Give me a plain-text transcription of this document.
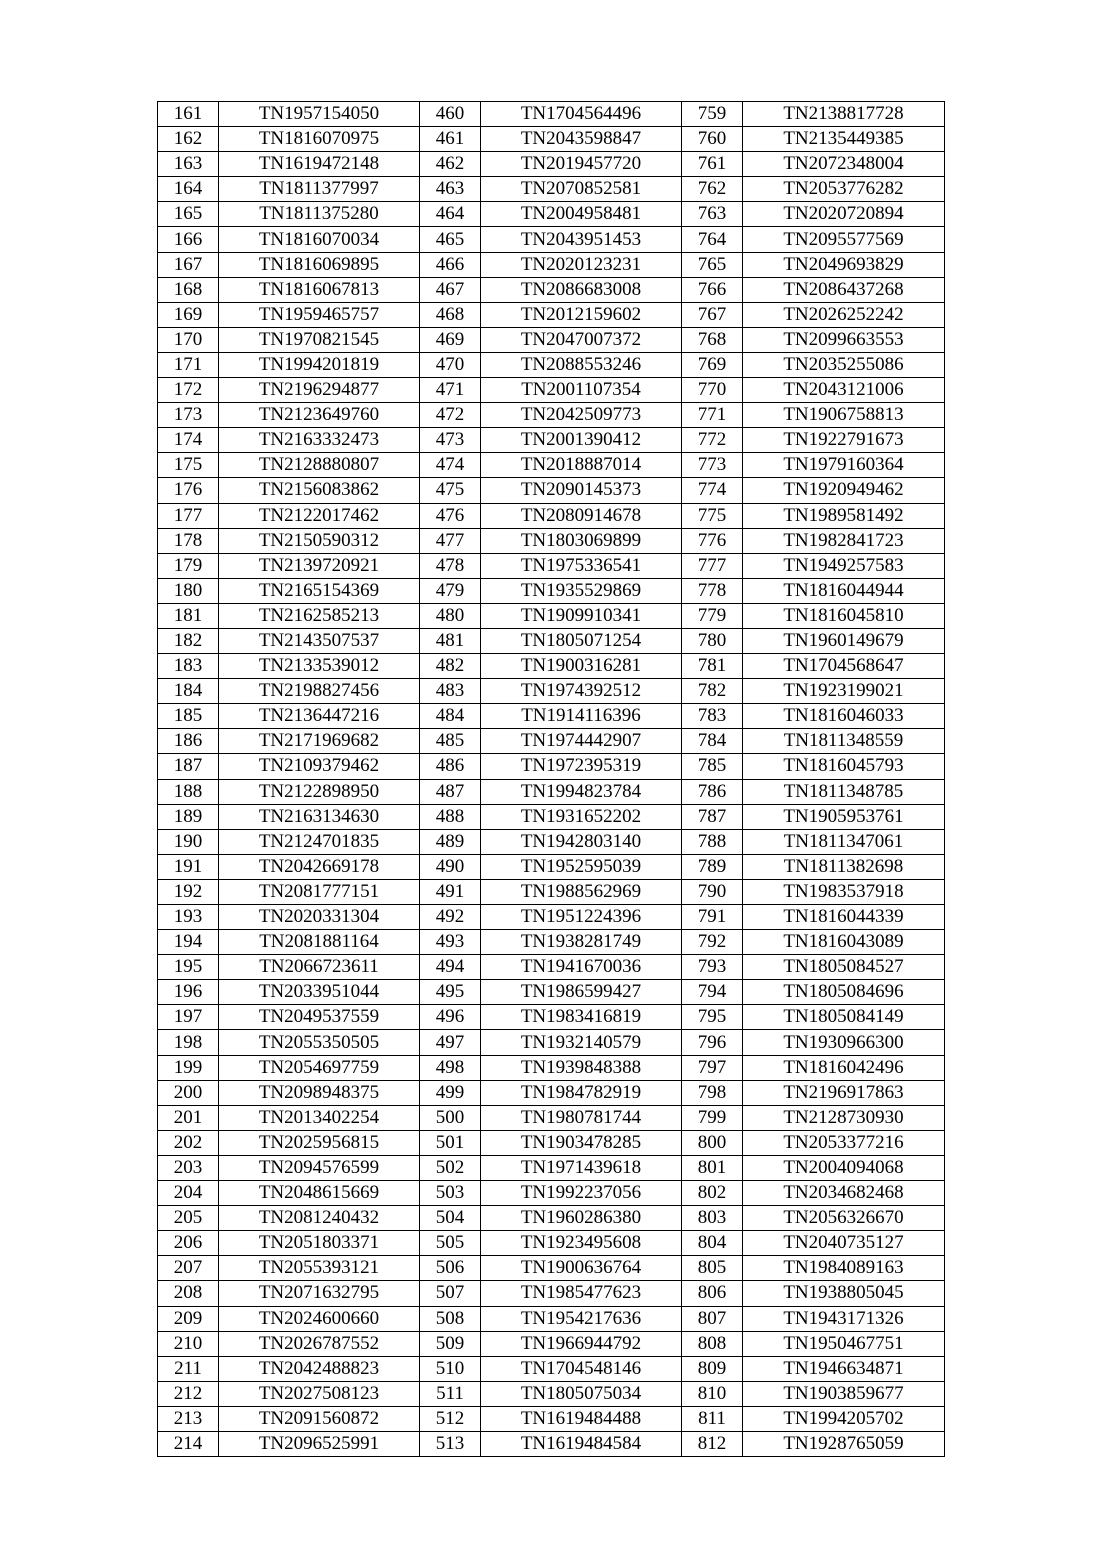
161	TN1957154050	460	TN1704564496	759	TN2138817728
162	TN1816070975	461	TN2043598847	760	TN2135449385
163	TN1619472148	462	TN2019457720	761	TN2072348004
164	TN1811377997	463	TN2070852581	762	TN2053776282
165	TN1811375280	464	TN2004958481	763	TN2020720894
166	TN1816070034	465	TN2043951453	764	TN2095577569
167	TN1816069895	466	TN2020123231	765	TN2049693829
168	TN1816067813	467	TN2086683008	766	TN2086437268
169	TN1959465757	468	TN2012159602	767	TN2026252242
170	TN1970821545	469	TN2047007372	768	TN2099663553
171	TN1994201819	470	TN2088553246	769	TN2035255086
172	TN2196294877	471	TN2001107354	770	TN2043121006
173	TN2123649760	472	TN2042509773	771	TN1906758813
174	TN2163332473	473	TN2001390412	772	TN1922791673
175	TN2128880807	474	TN2018887014	773	TN1979160364
176	TN2156083862	475	TN2090145373	774	TN1920949462
177	TN2122017462	476	TN2080914678	775	TN1989581492
178	TN2150590312	477	TN1803069899	776	TN1982841723
179	TN2139720921	478	TN1975336541	777	TN1949257583
180	TN2165154369	479	TN1935529869	778	TN1816044944
181	TN2162585213	480	TN1909910341	779	TN1816045810
182	TN2143507537	481	TN1805071254	780	TN1960149679
183	TN2133539012	482	TN1900316281	781	TN1704568647
184	TN2198827456	483	TN1974392512	782	TN1923199021
185	TN2136447216	484	TN1914116396	783	TN1816046033
186	TN2171969682	485	TN1974442907	784	TN1811348559
187	TN2109379462	486	TN1972395319	785	TN1816045793
188	TN2122898950	487	TN1994823784	786	TN1811348785
189	TN2163134630	488	TN1931652202	787	TN1905953761
190	TN2124701835	489	TN1942803140	788	TN1811347061
191	TN2042669178	490	TN1952595039	789	TN1811382698
192	TN2081777151	491	TN1988562969	790	TN1983537918
193	TN2020331304	492	TN1951224396	791	TN1816044339
194	TN2081881164	493	TN1938281749	792	TN1816043089
195	TN2066723611	494	TN1941670036	793	TN1805084527
196	TN2033951044	495	TN1986599427	794	TN1805084696
197	TN2049537559	496	TN1983416819	795	TN1805084149
198	TN2055350505	497	TN1932140579	796	TN1930966300
199	TN2054697759	498	TN1939848388	797	TN1816042496
200	TN2098948375	499	TN1984782919	798	TN2196917863
201	TN2013402254	500	TN1980781744	799	TN2128730930
202	TN2025956815	501	TN1903478285	800	TN2053377216
203	TN2094576599	502	TN1971439618	801	TN2004094068
204	TN2048615669	503	TN1992237056	802	TN2034682468
205	TN2081240432	504	TN1960286380	803	TN2056326670
206	TN2051803371	505	TN1923495608	804	TN2040735127
207	TN2055393121	506	TN1900636764	805	TN1984089163
208	TN2071632795	507	TN1985477623	806	TN1938805045
209	TN2024600660	508	TN1954217636	807	TN1943171326
210	TN2026787552	509	TN1966944792	808	TN1950467751
211	TN2042488823	510	TN1704548146	809	TN1946634871
212	TN2027508123	511	TN1805075034	810	TN1903859677
213	TN2091560872	512	TN1619484488	811	TN1994205702
214	TN2096525991	513	TN1619484584	812	TN1928765059
